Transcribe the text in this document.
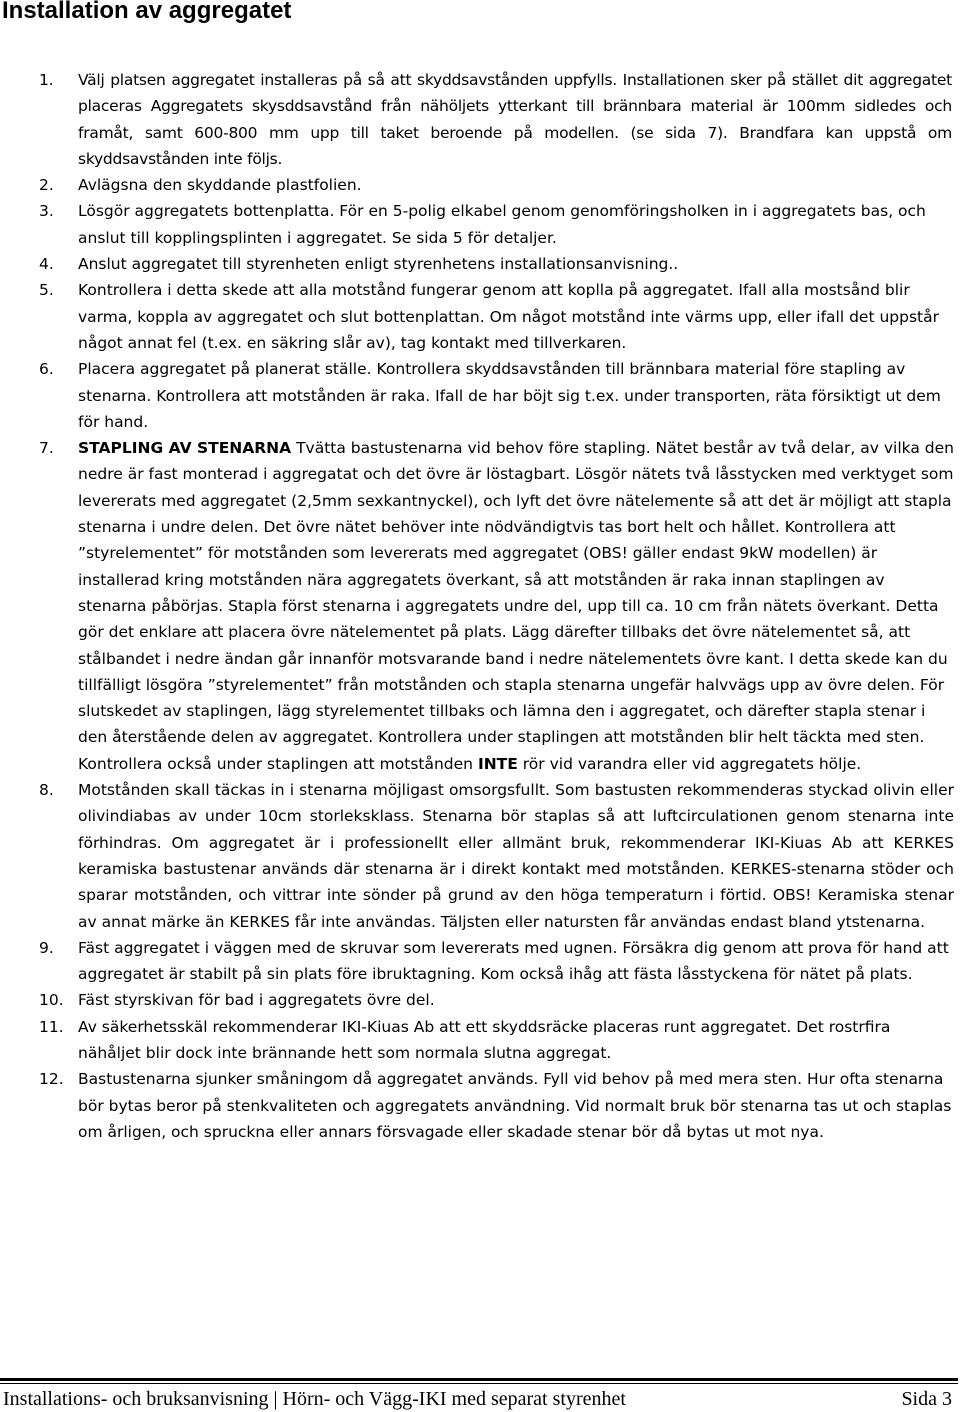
Installation av aggregatet
1. Välj platsen aggregatet installeras på så att skyddsavstånden uppfylls. Installationen sker på stället dit aggregatet placeras Aggregatets skysddsavstånd från nähöljets ytterkant till brännbara material är 100mm sidledes och framåt, samt 600-800 mm upp till taket beroende på modellen. (se sida 7). Brandfara kan uppstå om skyddsavstånden inte följs.
2. Avlägsna den skyddande plastfolien.
3. Lösgör aggregatets bottenplatta. För en 5-polig elkabel genom genomföringsholken in i aggregatets bas, och anslut till kopplingsplinten i aggregatet. Se sida 5 för detaljer.
4. Anslut aggregatet till styrenheten enligt styrenhetens installationsanvisning..
5. Kontrollera i detta skede att alla motstånd fungerar genom att koplla på aggregatet. Ifall alla mostsånd blir varma, koppla av aggregatet och slut bottenplattan. Om något motstånd inte värms upp, eller ifall det uppstår något annat fel (t.ex. en säkring slår av), tag kontakt med tillverkaren.
6. Placera aggregatet på planerat ställe. Kontrollera skyddsavstånden till brännbara material före stapling av stenarna. Kontrollera att motstånden är raka. Ifall de har böjt sig t.ex. under transporten, räta försiktigt ut dem för hand.
7. STAPLING AV STENARNA Tvätta bastustenarna vid behov före stapling. Nätet består av två delar, av vilka den nedre är fast monterad i aggregatat och det övre är löstagbart. Lösgör nätets två låsstycken med verktyget som levererats med aggregatet (2,5mm sexkantnyckel), och lyft det övre nätelemente så att det är möjligt att stapla stenarna i undre delen. Det övre nätet behöver inte nödvändigtvis tas bort helt och hållet. Kontrollera att ”styrelementet” för motstånden som levererats med aggregatet (OBS! gäller endast 9kW modellen) är installerad kring motstånden nära aggregatets överkant, så att motstånden är raka innan staplingen av stenarna påbörjas. Stapla först stenarna i aggregatets undre del, upp till ca. 10 cm från nätets överkant. Detta gör det enklare att placera övre nätelementet på plats. Lägg därefter tillbaks det övre nätelementet så, att stålbandet i nedre ändan går innanför motsvarande band i nedre nätelementets övre kant. I detta skede kan du tillfälligt lösgöra ”styrelementet” från motstånden och stapla stenarna ungefär halvvägs upp av övre delen. För slutskedet av staplingen, lägg styrelementet tillbaks och lämna den i aggregatet, och därefter stapla stenar i den återstående delen av aggregatet. Kontrollera under staplingen att motstånden blir helt täckta med sten. Kontrollera också under staplingen att motstånden INTE rör vid varandra eller vid aggregatets hölje.
8. Motstånden skall täckas in i stenarna möjligast omsorgsfullt. Som bastusten rekommenderas styckad olivin eller olivindiabas av under 10cm storleksklass. Stenarna bör staplas så att luftcirculationen genom stenarna inte förhindras. Om aggregatet är i professionellt eller allmänt bruk, rekommenderar IKI-Kiuas Ab att KERKES keramiska bastustenar används där stenarna är i direkt kontakt med motstånden. KERKES-stenarna stöder och sparar motstånden, och vittrar inte sönder på grund av den höga temperaturn i förtid. OBS! Keramiska stenar av annat märke än KERKES får inte användas. Täljsten eller natursten får användas endast bland ytstenarna.
9. Fäst aggregatet i väggen med de skruvar som levererats med ugnen. Försäkra dig genom att prova för hand att aggregatet är stabilt på sin plats före ibruktagning. Kom också ihåg att fästa låsstyckena för nätet på plats.
10. Fäst styrskivan för bad i aggregatets övre del.
11. Av säkerhetsskäl rekommenderar IKI-Kiuas Ab att ett skyddsräcke placeras runt aggregatet. Det rostrfira nähåljet blir dock inte brännande hett som normala slutna aggregat.
12. Bastustenarna sjunker småningom då aggregatet används. Fyll vid behov på med mera sten. Hur ofta stenarna bör bytas beror på stenkvaliteten och aggregatets användning. Vid normalt bruk bör stenarna tas ut och staplas om årligen, och spruckna eller annars försvagade eller skadade stenar bör då bytas ut mot nya.
Installations- och bruksanvisning | Hörn- och Vägg-IKI med separat styrenhet	Sida 3
